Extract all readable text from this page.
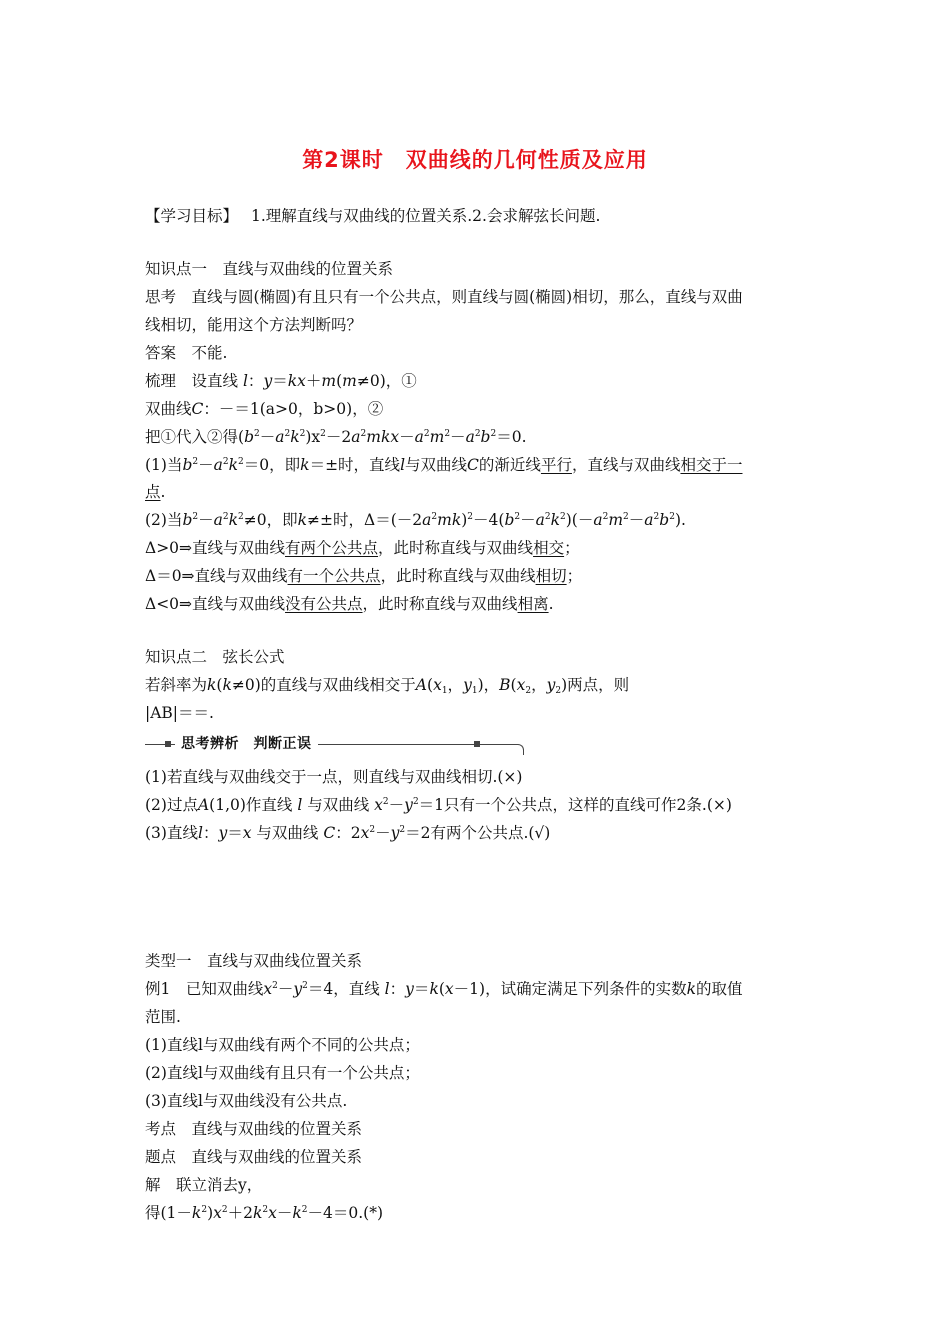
第2课时　双曲线的几何性质及应用
【学习目标】 1.理解直线与双曲线的位置关系.2.会求解弦长问题.
知识点一　直线与双曲线的位置关系
思考　直线与圆(椭圆)有且只有一个公共点，则直线与圆(椭圆)相切，那么，直线与双曲
线相切，能用这个方法判断吗？
答案　不能.
梳理　设直线 l：y＝kx＋m(m≠0)，①
双曲线C：－＝1(a>0，b>0)，②
把①代入②得$(b^2-a^2k^2)x^2-2a^2mkx-a^2m^2-a^2b^2=0$.
(1)当$b^2-a^2k^2=0$，即k＝±时，直线l与双曲线C的渐近线平行，直线与双曲线相交于一
点.
(2)当$b^2-a^2k^2\ne 0$，即k≠±时，$\Delta=(-2a^2mk)^2-4(b^2-a^2k^2)(-a^2m^2-a^2b^2)$.
Δ>0⇒直线与双曲线有两个公共点，此时称直线与双曲线相交；
Δ＝0⇒直线与双曲线有一个公共点，此时称直线与双曲线相切；
Δ<0⇒直线与双曲线没有公共点，此时称直线与双曲线相离.
知识点二　弦长公式
若斜率为k(k≠0)的直线与双曲线相交于$A(x_1$，$y_1$)，$B(x_2$，$y_2$)两点，则
|AB|＝＝.
思考辨析　判断正误
(1)若直线与双曲线交于一点，则直线与双曲线相切.(×)
(2)过点A(1,0)作直线 l 与双曲线 $x^2-y^2=1$只有一个公共点，这样的直线可作2条.(×)
(3)直线l：y＝x 与双曲线 C：$2x^2-y^2=2$有两个公共点.(√)
类型一　直线与双曲线位置关系
例1　已知双曲线$x^2-y^2=4$，直线 l：y＝k(x－1)，试确定满足下列条件的实数k的取值
范围.
(1)直线l与双曲线有两个不同的公共点；
(2)直线l与双曲线有且只有一个公共点；
(3)直线l与双曲线没有公共点.
考点　直线与双曲线的位置关系
题点　直线与双曲线的位置关系
解　联立消去y，
得$(1-k^2)x^2+2k^2x-k^2-4=0.(*)$
